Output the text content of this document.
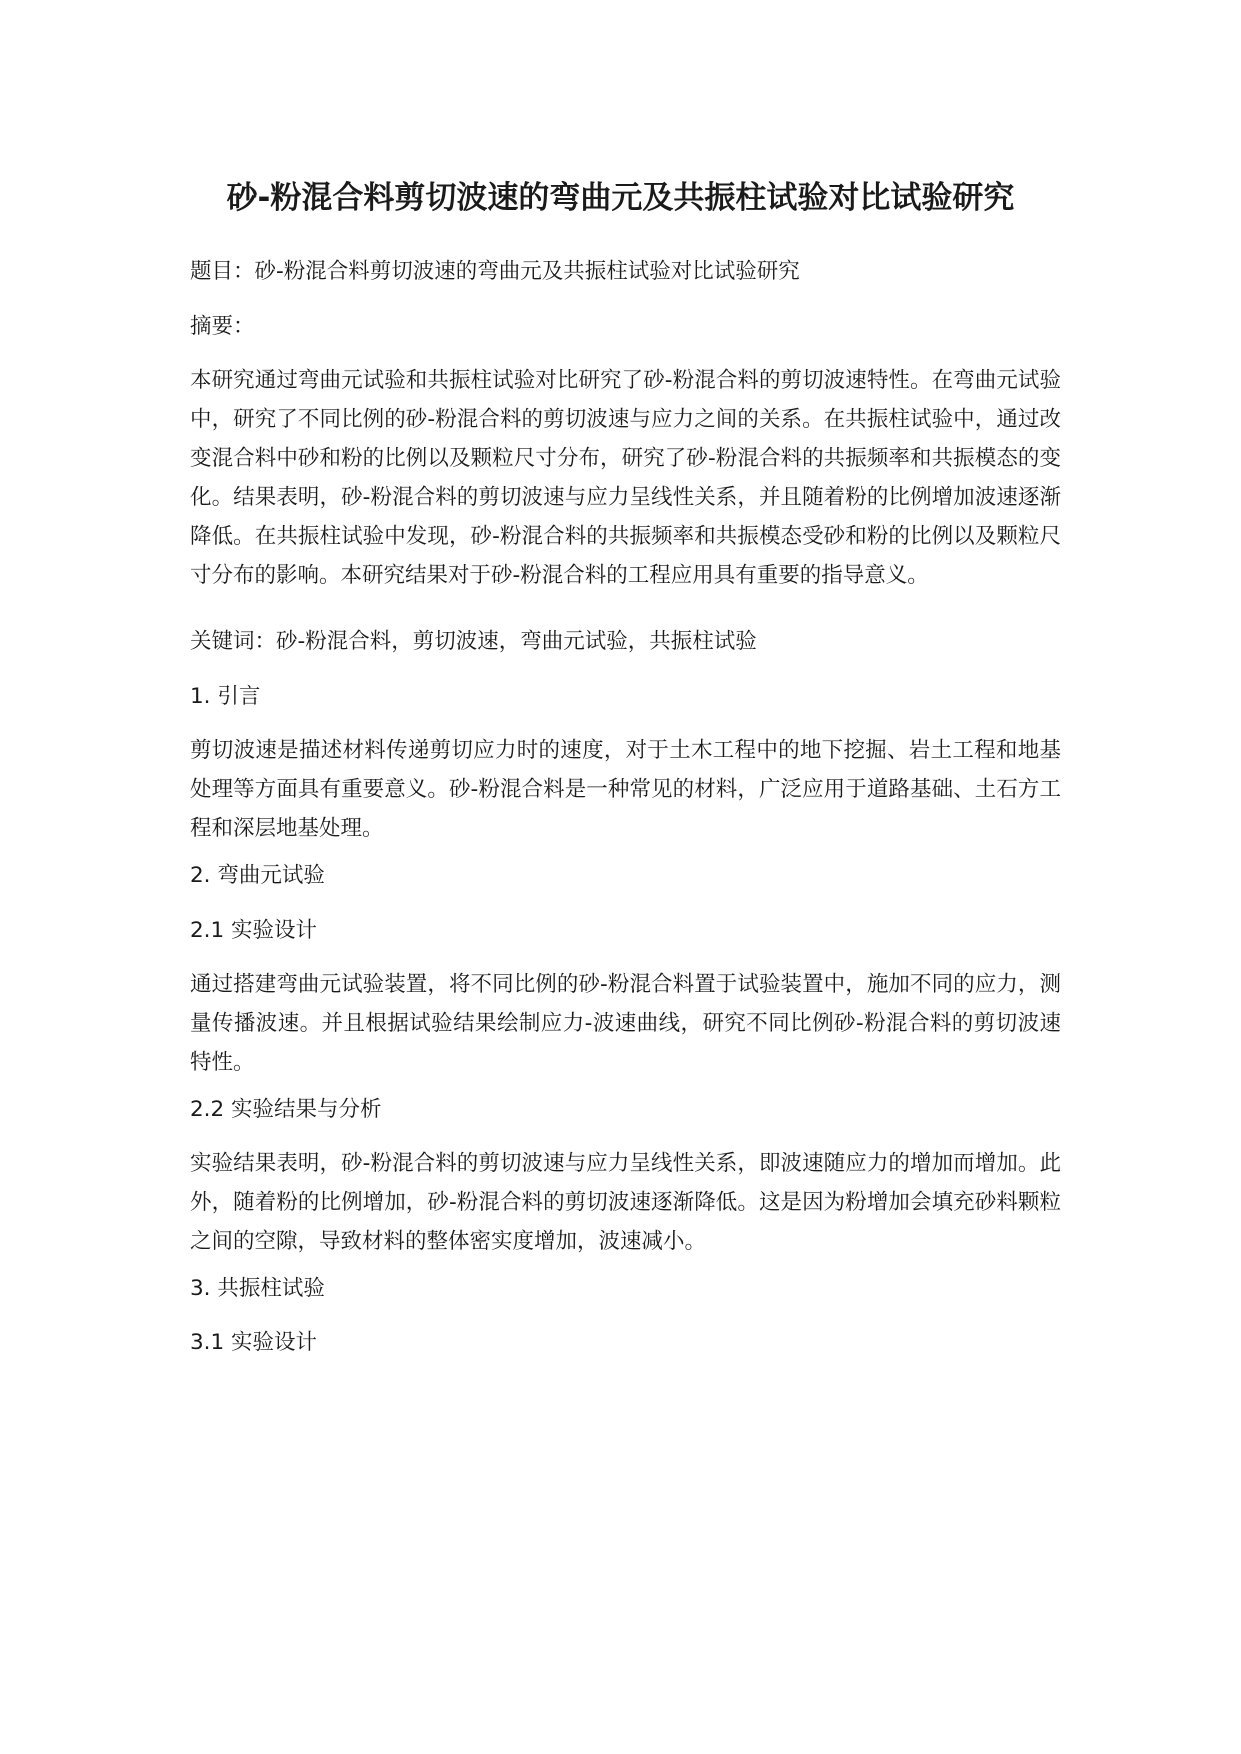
砂-粉混合料剪切波速的弯曲元及共振柱试验对比试验研究

题目：砂-粉混合料剪切波速的弯曲元及共振柱试验对比试验研究

摘要：

本研究通过弯曲元试验和共振柱试验对比研究了砂-粉混合料的剪切波速特性。在弯曲元试验中，研究了不同比例的砂-粉混合料的剪切波速与应力之间的关系。在共振柱试验中，通过改变混合料中砂和粉的比例以及颗粒尺寸分布，研究了砂-粉混合料的共振频率和共振模态的变化。结果表明，砂-粉混合料的剪切波速与应力呈线性关系，并且随着粉的比例增加波速逐渐降低。在共振柱试验中发现，砂-粉混合料的共振频率和共振模态受砂和粉的比例以及颗粒尺寸分布的影响。本研究结果对于砂-粉混合料的工程应用具有重要的指导意义。

关键词：砂-粉混合料，剪切波速，弯曲元试验，共振柱试验

1. 引言

剪切波速是描述材料传递剪切应力时的速度，对于土木工程中的地下挖掘、岩土工程和地基处理等方面具有重要意义。砂-粉混合料是一种常见的材料，广泛应用于道路基础、土石方工程和深层地基处理。

2. 弯曲元试验

2.1 实验设计

通过搭建弯曲元试验装置，将不同比例的砂-粉混合料置于试验装置中，施加不同的应力，测量传播波速。并且根据试验结果绘制应力-波速曲线，研究不同比例砂-粉混合料的剪切波速特性。

2.2 实验结果与分析

实验结果表明，砂-粉混合料的剪切波速与应力呈线性关系，即波速随应力的增加而增加。此外，随着粉的比例增加，砂-粉混合料的剪切波速逐渐降低。这是因为粉增加会填充砂料颗粒之间的空隙，导致材料的整体密实度增加，波速减小。

3. 共振柱试验

3.1 实验设计
